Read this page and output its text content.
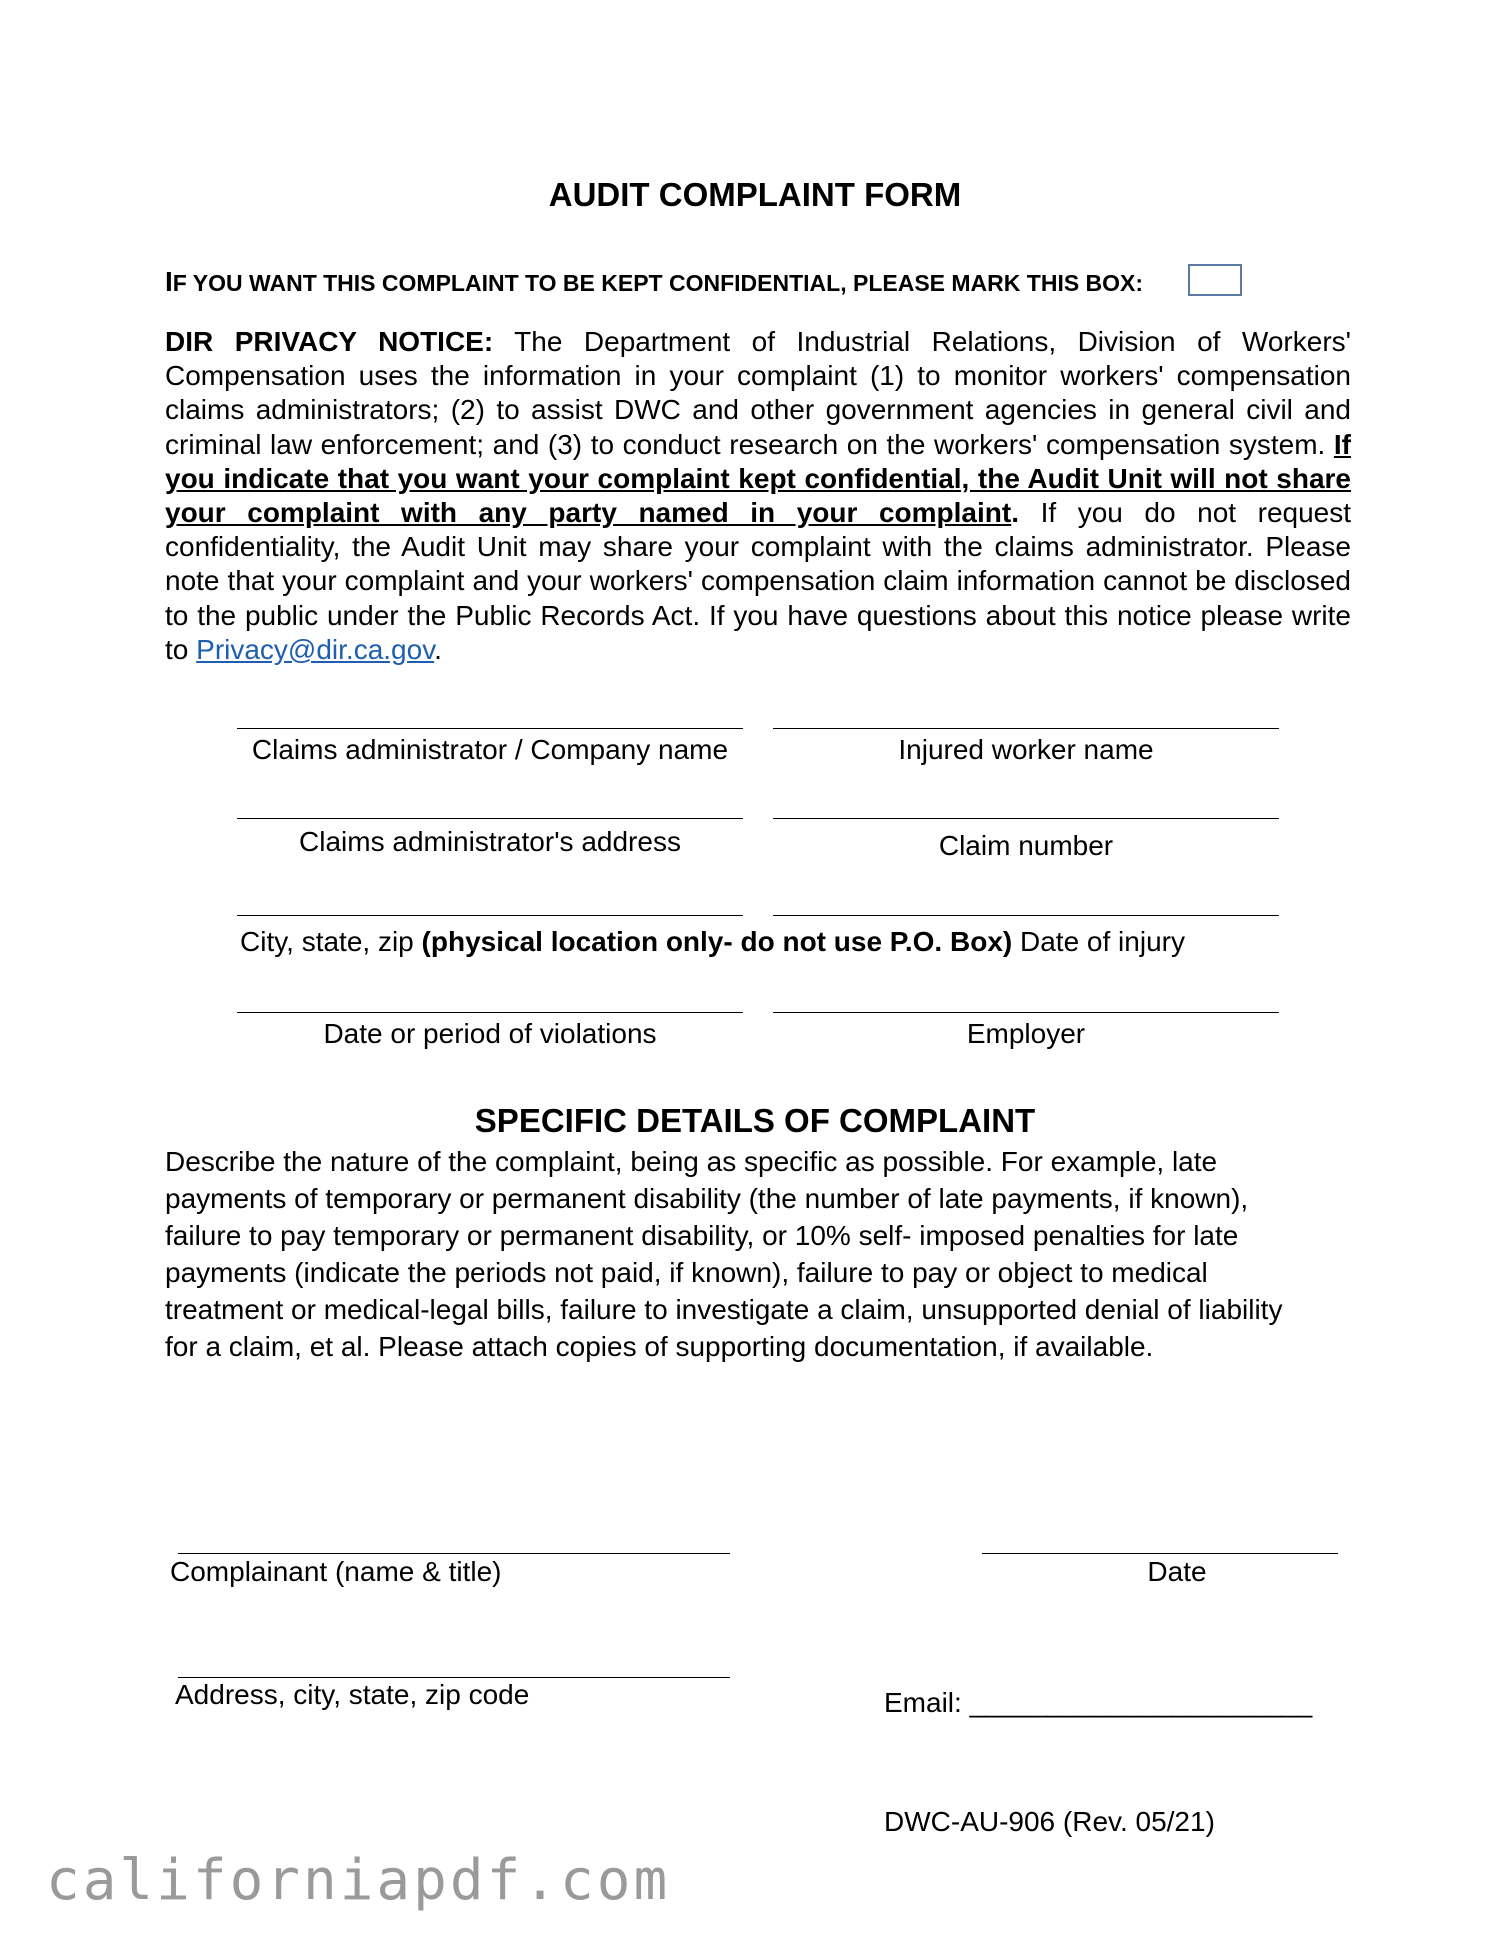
AUDIT COMPLAINT FORM
IF YOU WANT THIS COMPLAINT TO BE KEPT CONFIDENTIAL, PLEASE MARK THIS BOX:
DIR PRIVACY NOTICE: The Department of Industrial Relations, Division of Workers' Compensation uses the information in your complaint (1) to monitor workers' compensation claims administrators; (2) to assist DWC and other government agencies in general civil and criminal law enforcement; and (3) to conduct research on the workers' compensation system. If you indicate that you want your complaint kept confidential, the Audit Unit will not share your complaint with any party named in your complaint. If you do not request confidentiality, the Audit Unit may share your complaint with the claims administrator. Please note that your complaint and your workers' compensation claim information cannot be disclosed to the public under the Public Records Act. If you have questions about this notice please write to Privacy@dir.ca.gov.
Claims administrator / Company name	Injured worker name
Claims administrator's address	Claim number
City, state, zip (physical location only- do not use P.O. Box) Date of injury
Date or period of violations	Employer
SPECIFIC DETAILS OF COMPLAINT

Describe the nature of the complaint, being as specific as possible. For example, late

payments of temporary or permanent disability (the number of late payments, if known),

failure to pay temporary or permanent disability, or 10% self- imposed penalties for late

payments (indicate the periods not paid, if known), failure to pay or object to medical

treatment or medical-legal bills, failure to investigate a claim, unsupported denial of liability

for a claim, et al. Please attach copies of supporting documentation, if available.

Complainant (name & title)	Date
Address, city, state, zip code	Email: ______________________
DWC-AU-906 (Rev. 05/21)
californiapdf.com
